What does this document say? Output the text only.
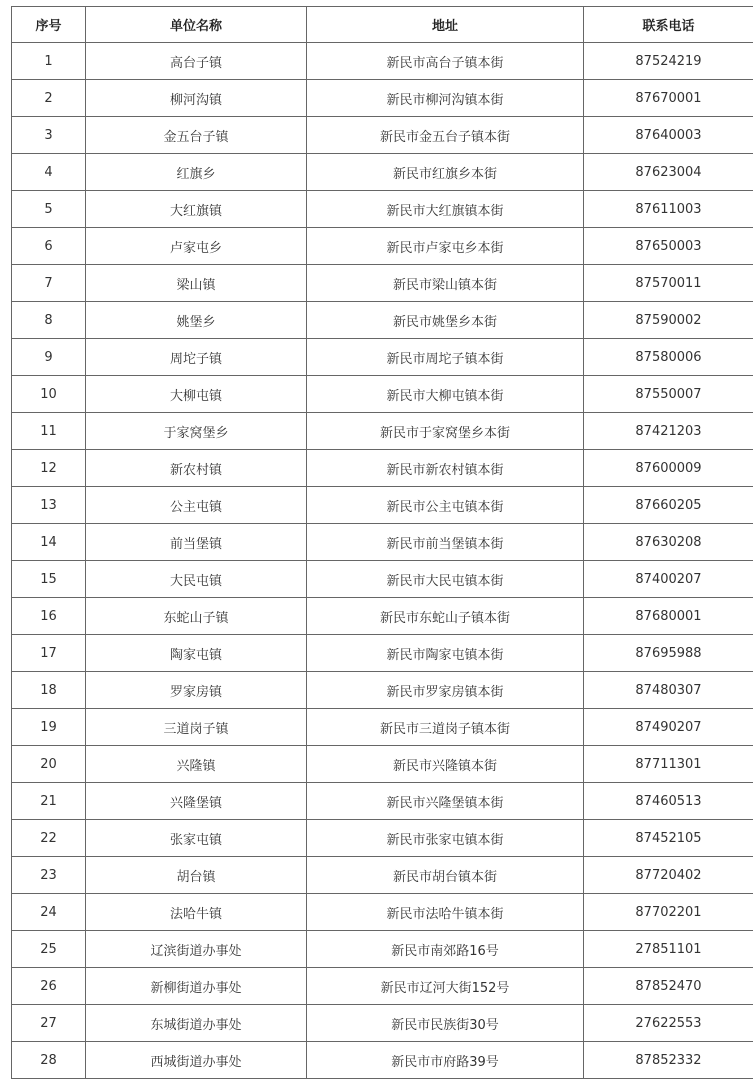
序号	单位名称	地址	联系电话
1	高台子镇	新民市高台子镇本街	87524219
2	柳河沟镇	新民市柳河沟镇本街	87670001
3	金五台子镇	新民市金五台子镇本街	87640003
4	红旗乡	新民市红旗乡本街	87623004
5	大红旗镇	新民市大红旗镇本街	87611003
6	卢家屯乡	新民市卢家屯乡本街	87650003
7	梁山镇	新民市梁山镇本街	87570011
8	姚堡乡	新民市姚堡乡本街	87590002
9	周坨子镇	新民市周坨子镇本街	87580006
10	大柳屯镇	新民市大柳屯镇本街	87550007
11	于家窝堡乡	新民市于家窝堡乡本街	87421203
12	新农村镇	新民市新农村镇本街	87600009
13	公主屯镇	新民市公主屯镇本街	87660205
14	前当堡镇	新民市前当堡镇本街	87630208
15	大民屯镇	新民市大民屯镇本街	87400207
16	东蛇山子镇	新民市东蛇山子镇本街	87680001
17	陶家屯镇	新民市陶家屯镇本街	87695988
18	罗家房镇	新民市罗家房镇本街	87480307
19	三道岗子镇	新民市三道岗子镇本街	87490207
20	兴隆镇	新民市兴隆镇本街	87711301
21	兴隆堡镇	新民市兴隆堡镇本街	87460513
22	张家屯镇	新民市张家屯镇本街	87452105
23	胡台镇	新民市胡台镇本街	87720402
24	法哈牛镇	新民市法哈牛镇本街	87702201
25	辽滨街道办事处	新民市南郊路16号	27851101
26	新柳街道办事处	新民市辽河大街152号	87852470
27	东城街道办事处	新民市民族街30号	27622553
28	西城街道办事处	新民市市府路39号	87852332
